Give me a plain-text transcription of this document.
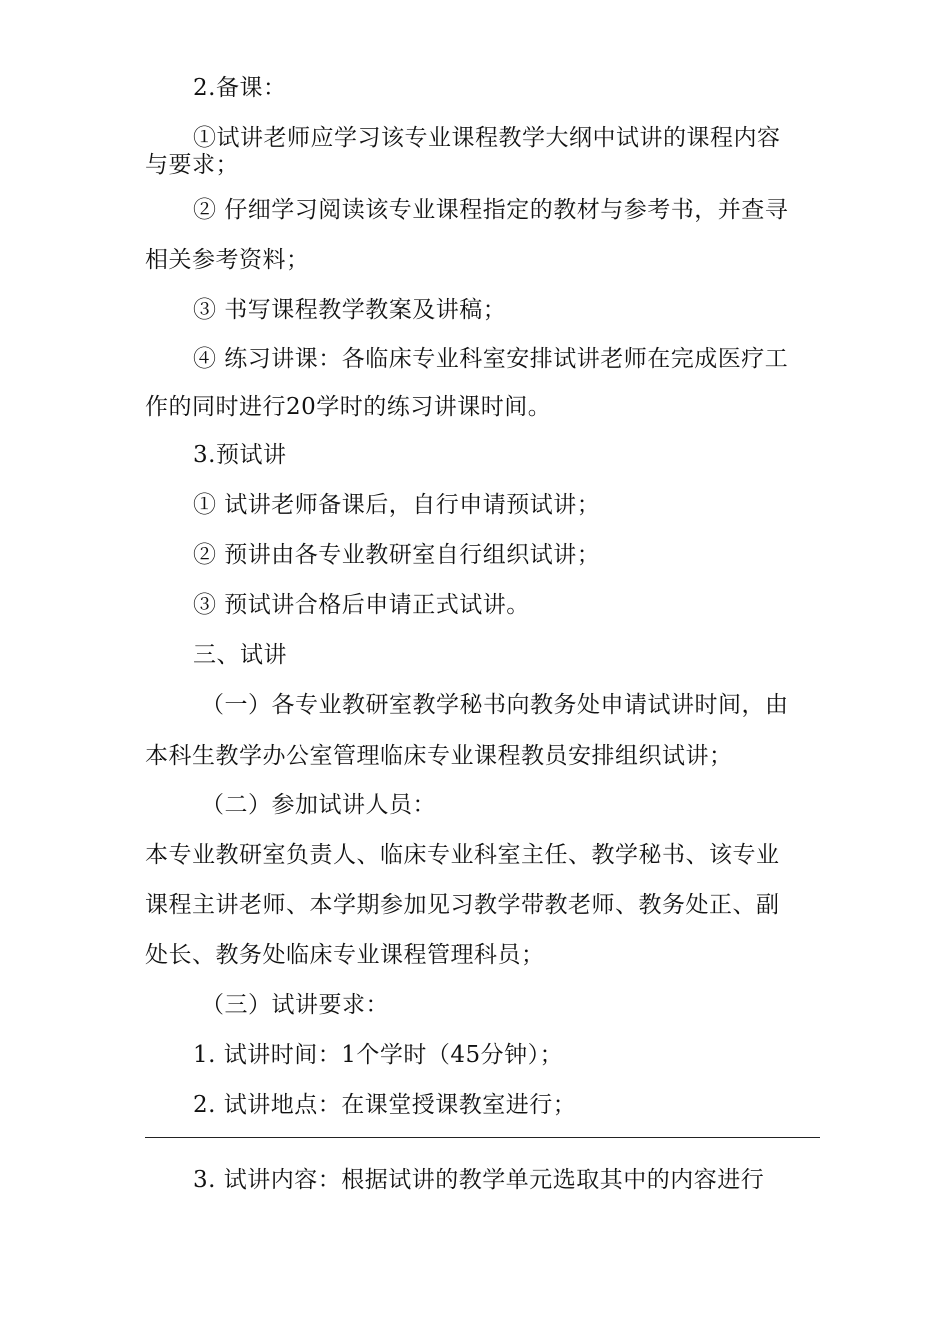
2.备课：
①试讲老师应学习该专业课程教学大纲中试讲的课程内容
与要求；
② 仔细学习阅读该专业课程指定的教材与参考书，并查寻
相关参考资料；
③ 书写课程教学教案及讲稿；
④ 练习讲课：各临床专业科室安排试讲老师在完成医疗工
作的同时进行20学时的练习讲课时间。
3.预试讲
① 试讲老师备课后，自行申请预试讲；
② 预讲由各专业教研室自行组织试讲；
③ 预试讲合格后申请正式试讲。
三、试讲
（一）各专业教研室教学秘书向教务处申请试讲时间，由
本科生教学办公室管理临床专业课程教员安排组织试讲；
（二）参加试讲人员：
本专业教研室负责人、临床专业科室主任、教学秘书、该专业
课程主讲老师、本学期参加见习教学带教老师、教务处正、副
处长、教务处临床专业课程管理科员；
（三）试讲要求：
1. 试讲时间：1个学时（45分钟）；
2. 试讲地点：在课堂授课教室进行；
3. 试讲内容：根据试讲的教学单元选取其中的内容进行
